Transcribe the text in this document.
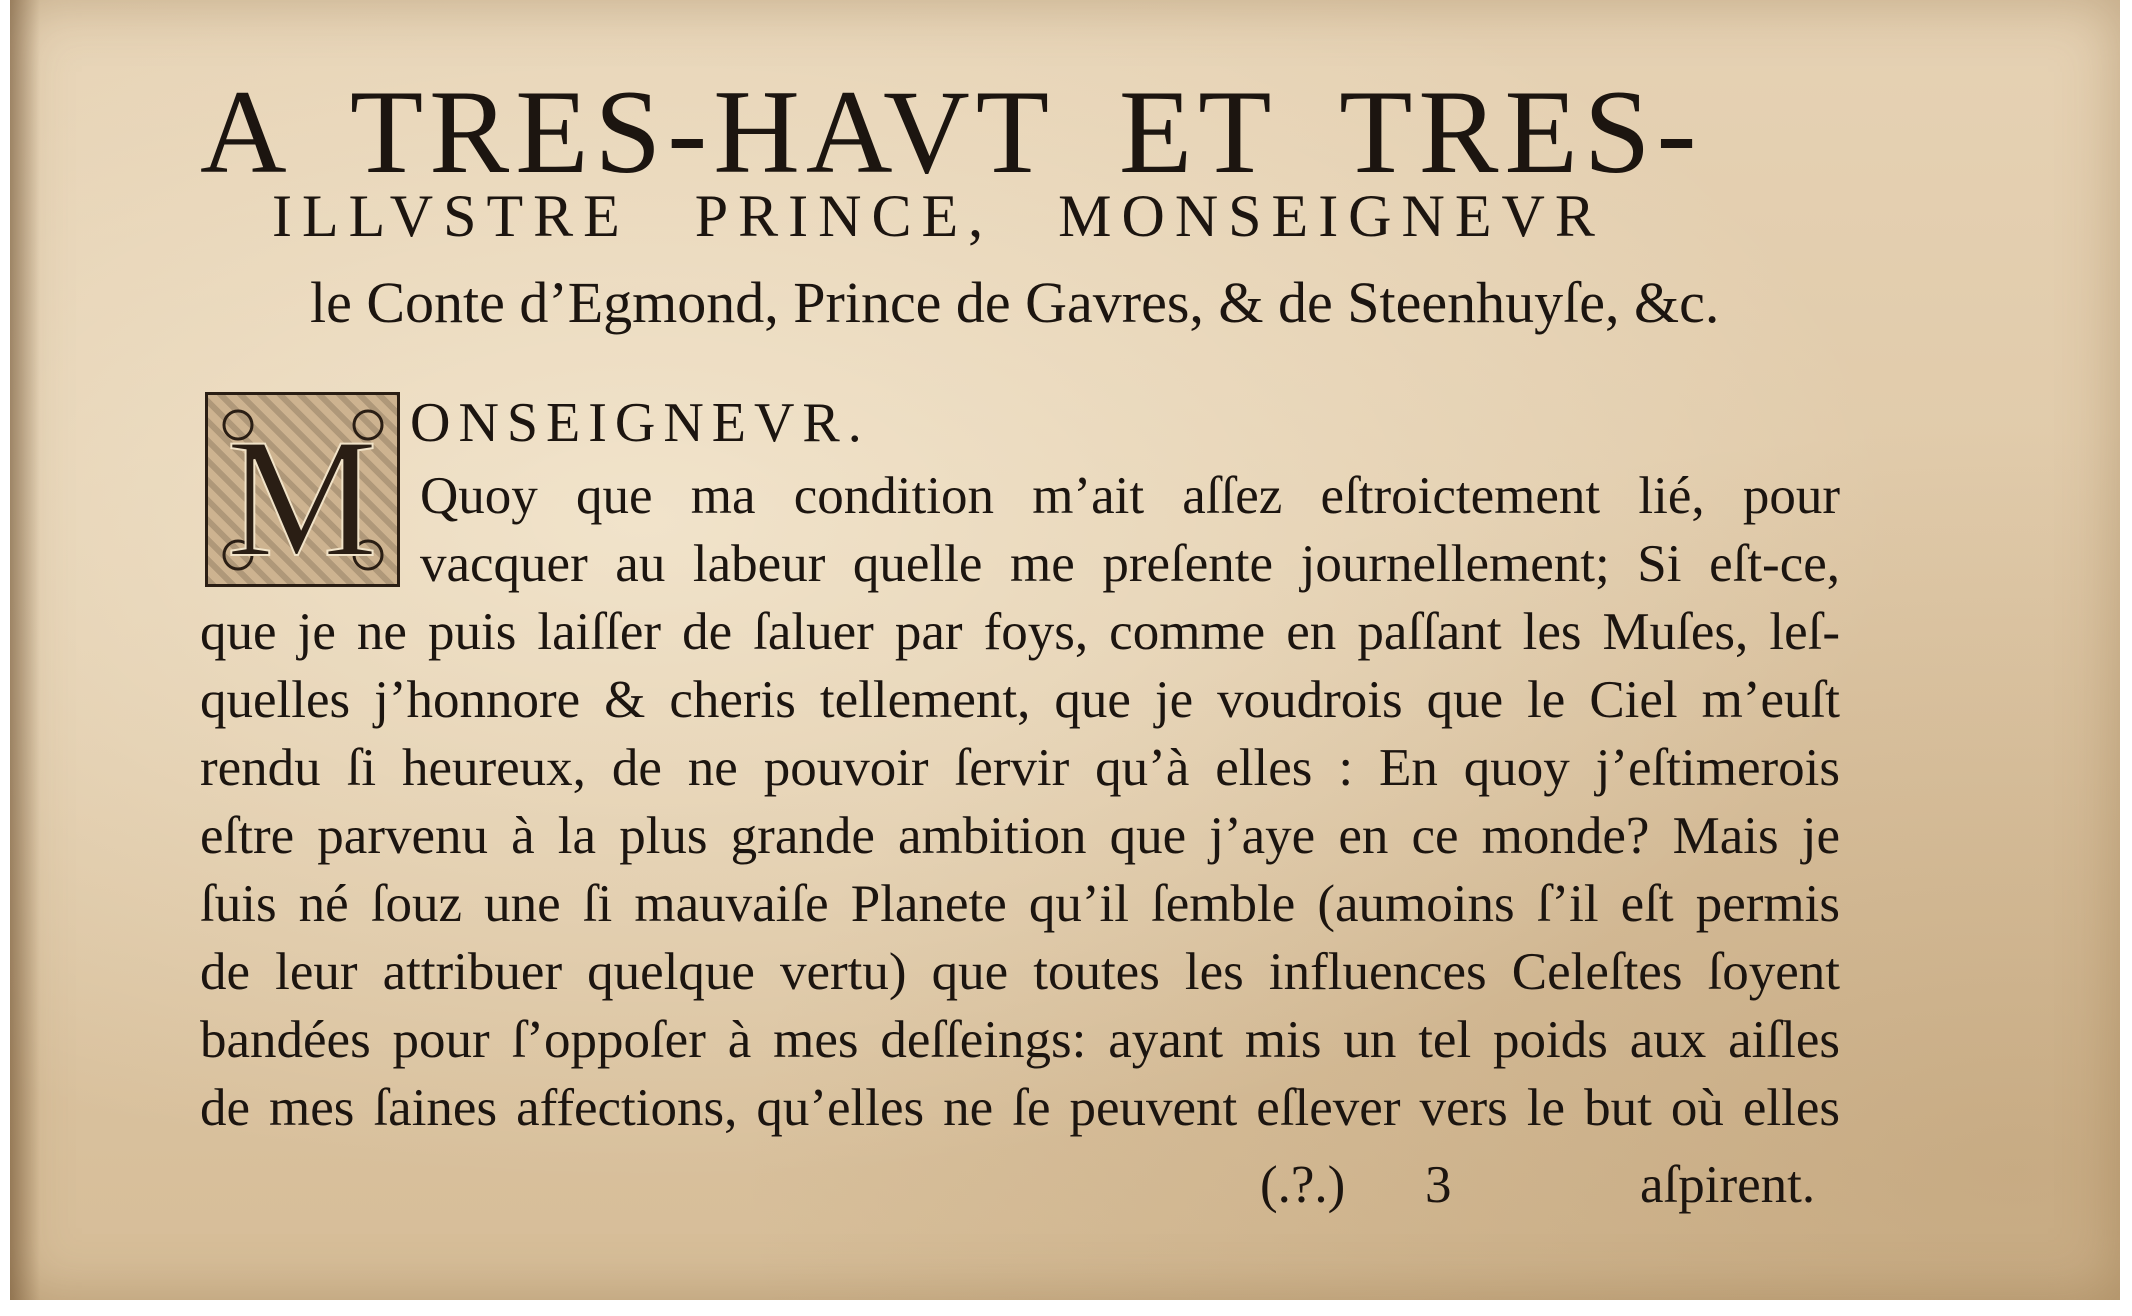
A TRES-HAVT ET TRES-
ILLVSTRE PRINCE, MONSEIGNEVR
le Conte d’Egmond, Prince de Gavres, & de Steenhuyſe, &c.
M ONSEIGNEVR.
Quoy que ma condition m’ait aſſez eſtroictement lié, pour
vacquer au labeur quelle me preſente journellement; Si eſt-ce,
que je ne puis laiſſer de ſaluer par foys, comme en paſſant les Muſes, leſ-
quelles j’honnore & cheris tellement, que je voudrois que le Ciel m’euſt
rendu ſi heureux, de ne pouvoir ſervir qu’à elles : En quoy j’eſtimerois
eſtre parvenu à la plus grande ambition que j’aye en ce monde? Mais je
ſuis né ſouz une ſi mauvaiſe Planete qu’il ſemble (aumoins ſ’il eſt permis
de leur attribuer quelque vertu) que toutes les influences Celeſtes ſoyent
bandées pour ſ’oppoſer à mes deſſeings: ayant mis un tel poids aux aiſles
de mes ſaines affections, qu’elles ne ſe peuvent eſlever vers le but où elles
(.?.) 3	aſpirent.
